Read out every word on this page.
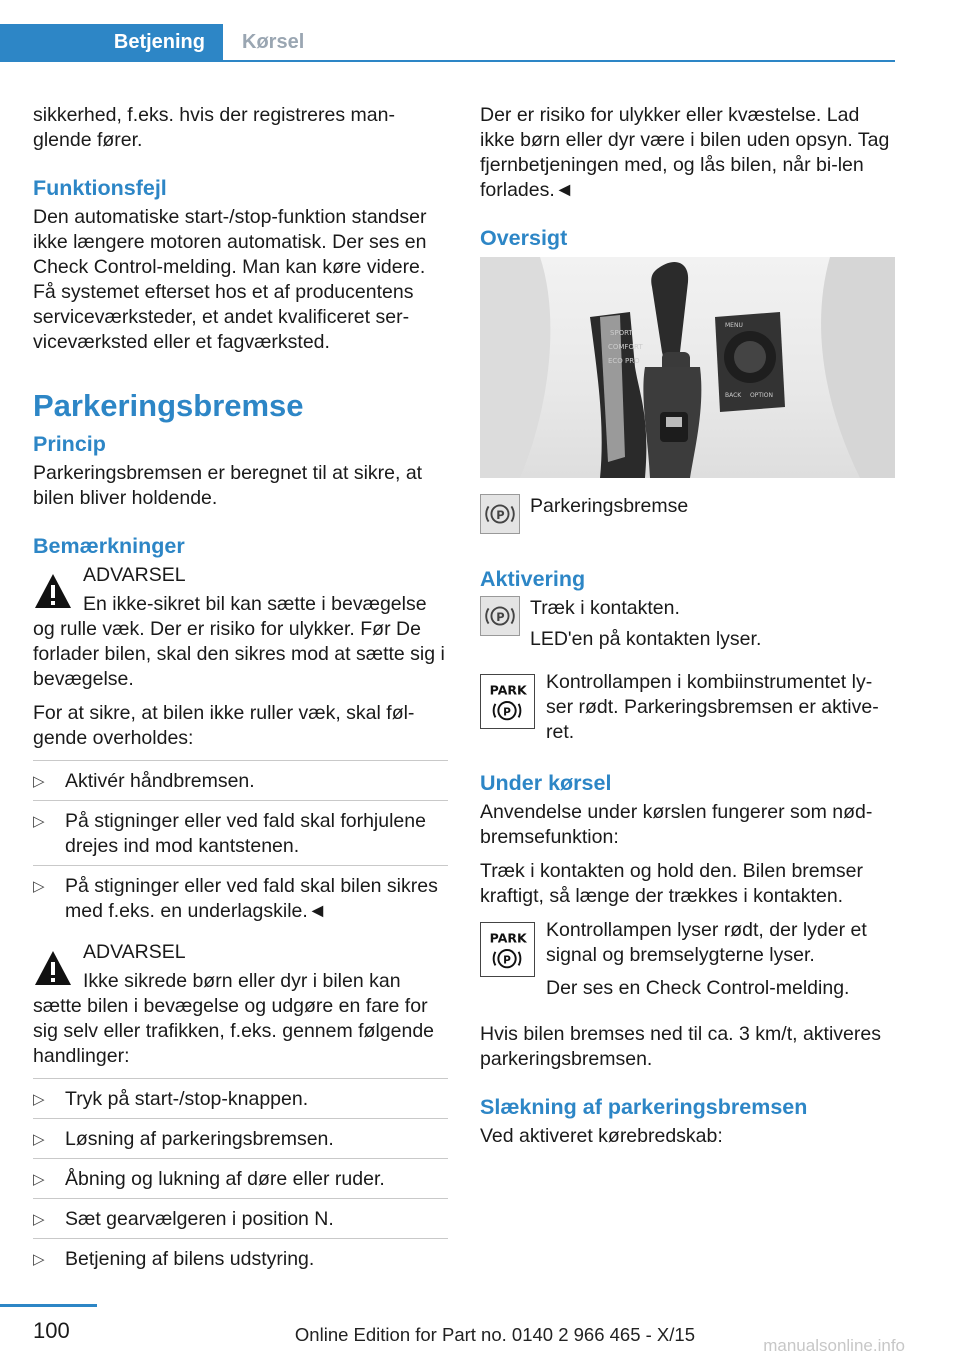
Betjening	Kørsel

sikkerhed, f.eks. hvis der registreres man-glende fører.

Funktionsfejl

Den automatiske start-/stop-funktion standser ikke længere motoren automatisk. Der ses en Check Control-melding. Man kan køre videre. Få systemet efterset hos et af producentens serviceværksteder, et andet kvalificeret ser-viceværksted eller et fagværksted.

Parkeringsbremse
Princip

Parkeringsbremsen er beregnet til at sikre, at bilen bliver holdende.

Bemærkninger
ADVARSEL

En ikke-sikret bil kan sætte i bevægelse og rulle væk. Der er risiko for ulykker. Før De forlader bilen, skal den sikres mod at sætte sig i bevægelse.

For at sikre, at bilen ikke ruller væk, skal føl-gende overholdes:

▷ Aktivér håndbremsen.
▷ På stigninger eller ved fald skal forhjulene drejes ind mod kantstenen.
▷ På stigninger eller ved fald skal bilen sikres med f.eks. en underlagskile.◄
ADVARSEL

Ikke sikrede børn eller dyr i bilen kan sætte bilen i bevægelse og udgøre en fare for sig selv eller trafikken, f.eks. gennem følgende handlinger:

▷ Tryk på start-/stop-knappen.
▷ Løsning af parkeringsbremsen.
▷ Åbning og lukning af døre eller ruder.
▷ Sæt gearvælgeren i position N.
▷ Betjening af bilens udstyring.

Der er risiko for ulykker eller kvæstelse. Lad ikke børn eller dyr være i bilen uden opsyn. Tag fjernbetjeningen med, og lås bilen, når bi-len forlades.◄

Oversigt
SPORT
COMFORT
ECO PRO
MENU
BACK OPTION
P Parkeringsbremse
Aktivering
P Træk i kontakten.
LED'en på kontakten lyser.
PARK
P
Kontrollampen i kombiinstrumentet ly-ser rødt. Parkeringsbremsen er aktive-ret.
Under kørsel

Anvendelse under kørslen fungerer som nød-bremsefunktion:

Træk i kontakten og hold den. Bilen bremser kraftigt, så længe der trækkes i kontakten.

PARK
P
Kontrollampen lyser rødt, der lyder et signal og bremselygterne lyser.
Der ses en Check Control-melding.

Hvis bilen bremses ned til ca. 3 km/t, aktiveres parkeringsbremsen.

Slækning af parkeringsbremsen

Ved aktiveret kørebredskab:

100	Online Edition for Part no. 0140 2 966 465 - X/15
manualsonline.info
